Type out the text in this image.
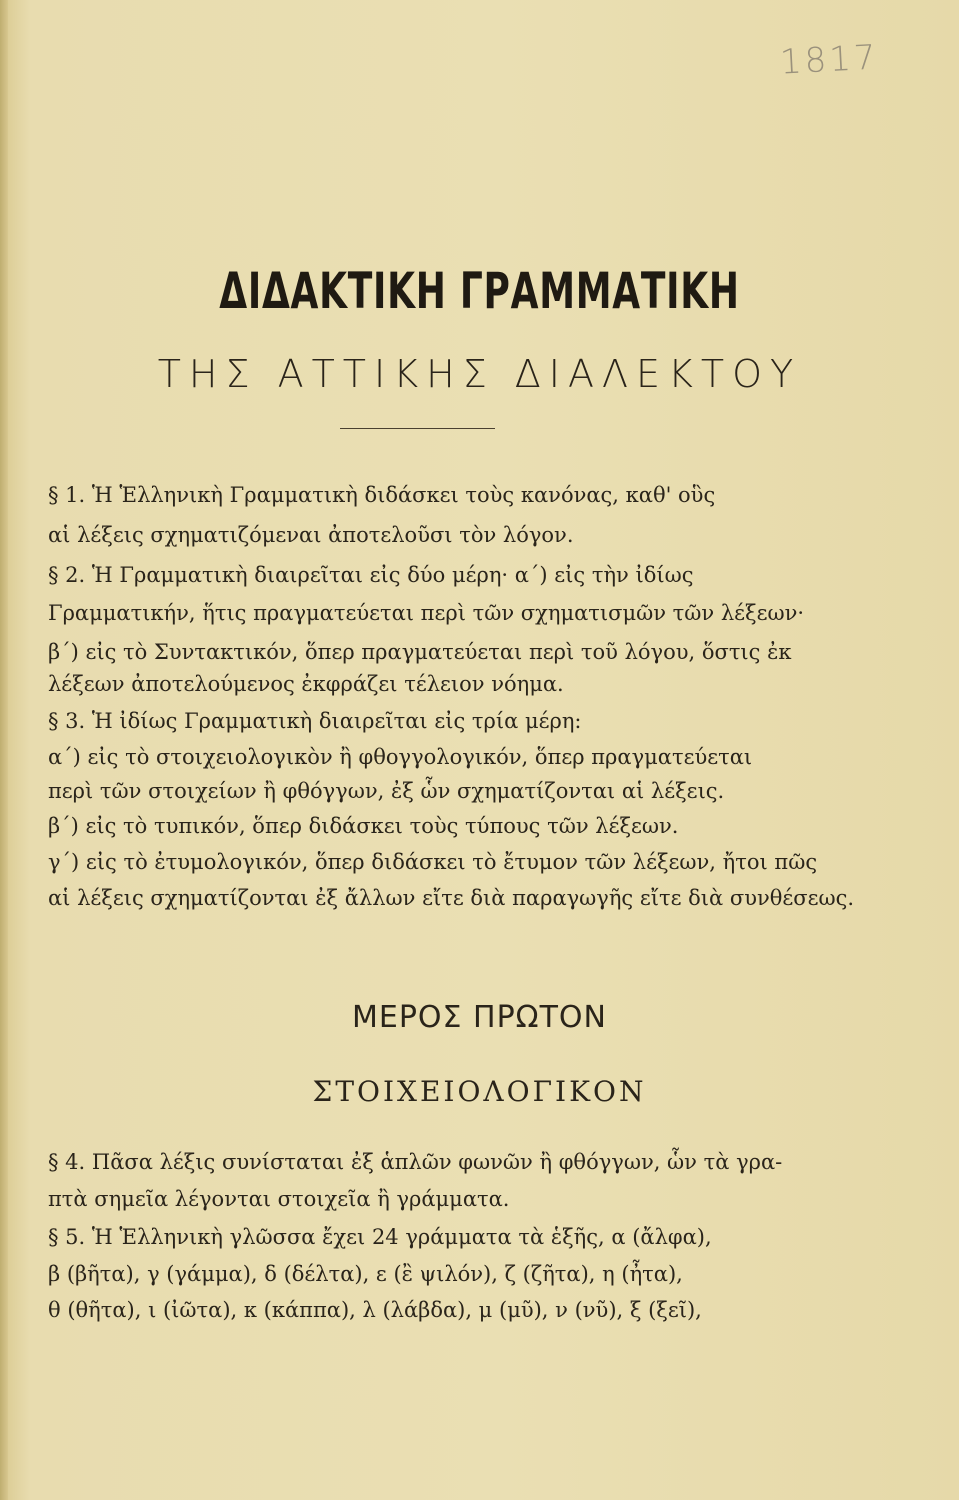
1817
ΔΙΔΑΚΤΙΚΗ ΓΡΑΜΜΑΤΙΚΗ
ΤΗΣ ΑΤΤΙΚΗΣ ΔΙΑΛΕΚΤΟΥ
§ 1. Ἡ Ἑλληνικὴ Γραμματικὴ διδάσκει τοὺς κανόνας, καθ' οὓς
αἱ λέξεις σχηματιζόμεναι ἀποτελοῦσι τὸν λόγον.
§ 2. Ἡ Γραμματικὴ διαιρεῖται εἰς δύο μέρη· α΄) εἰς τὴν ἰδίως
Γραμματικήν, ἥτις πραγματεύεται περὶ τῶν σχηματισμῶν τῶν λέξεων·
β΄) εἰς τὸ Συντακτικόν, ὅπερ πραγματεύεται περὶ τοῦ λόγου, ὅστις ἐκ
λέξεων ἀποτελούμενος ἐκφράζει τέλειον νόημα.
§ 3. Ἡ ἰδίως Γραμματικὴ διαιρεῖται εἰς τρία μέρη:
α΄) εἰς τὸ στοιχειολογικὸν ἢ φθογγολογικόν, ὅπερ πραγματεύεται
περὶ τῶν στοιχείων ἢ φθόγγων, ἐξ ὧν σχηματίζονται αἱ λέξεις.
β΄) εἰς τὸ τυπικόν, ὅπερ διδάσκει τοὺς τύπους τῶν λέξεων.
γ΄) εἰς τὸ ἐτυμολογικόν, ὅπερ διδάσκει τὸ ἔτυμον τῶν λέξεων, ἤτοι πῶς
αἱ λέξεις σχηματίζονται ἐξ ἄλλων εἴτε διὰ παραγωγῆς εἴτε διὰ συνθέσεως.
ΜΕΡΟΣ ΠΡΩΤΟΝ
ΣΤΟΙΧΕΙΟΛΟΓΙΚΟΝ
§ 4. Πᾶσα λέξις συνίσταται ἐξ ἁπλῶν φωνῶν ἢ φθόγγων, ὧν τὰ γρα-
πτὰ σημεῖα λέγονται στοιχεῖα ἢ γράμματα.
§ 5. Ἡ Ἑλληνικὴ γλῶσσα ἔχει 24 γράμματα τὰ ἑξῆς, α (ἄλφα),
β (βῆτα), γ (γάμμα), δ (δέλτα), ε (ἒ ψιλόν), ζ (ζῆτα), η (ἦτα),
θ (θῆτα), ι (ἰῶτα), κ (κάππα), λ (λάβδα), μ (μῦ), ν (νῦ), ξ (ξεῖ),
